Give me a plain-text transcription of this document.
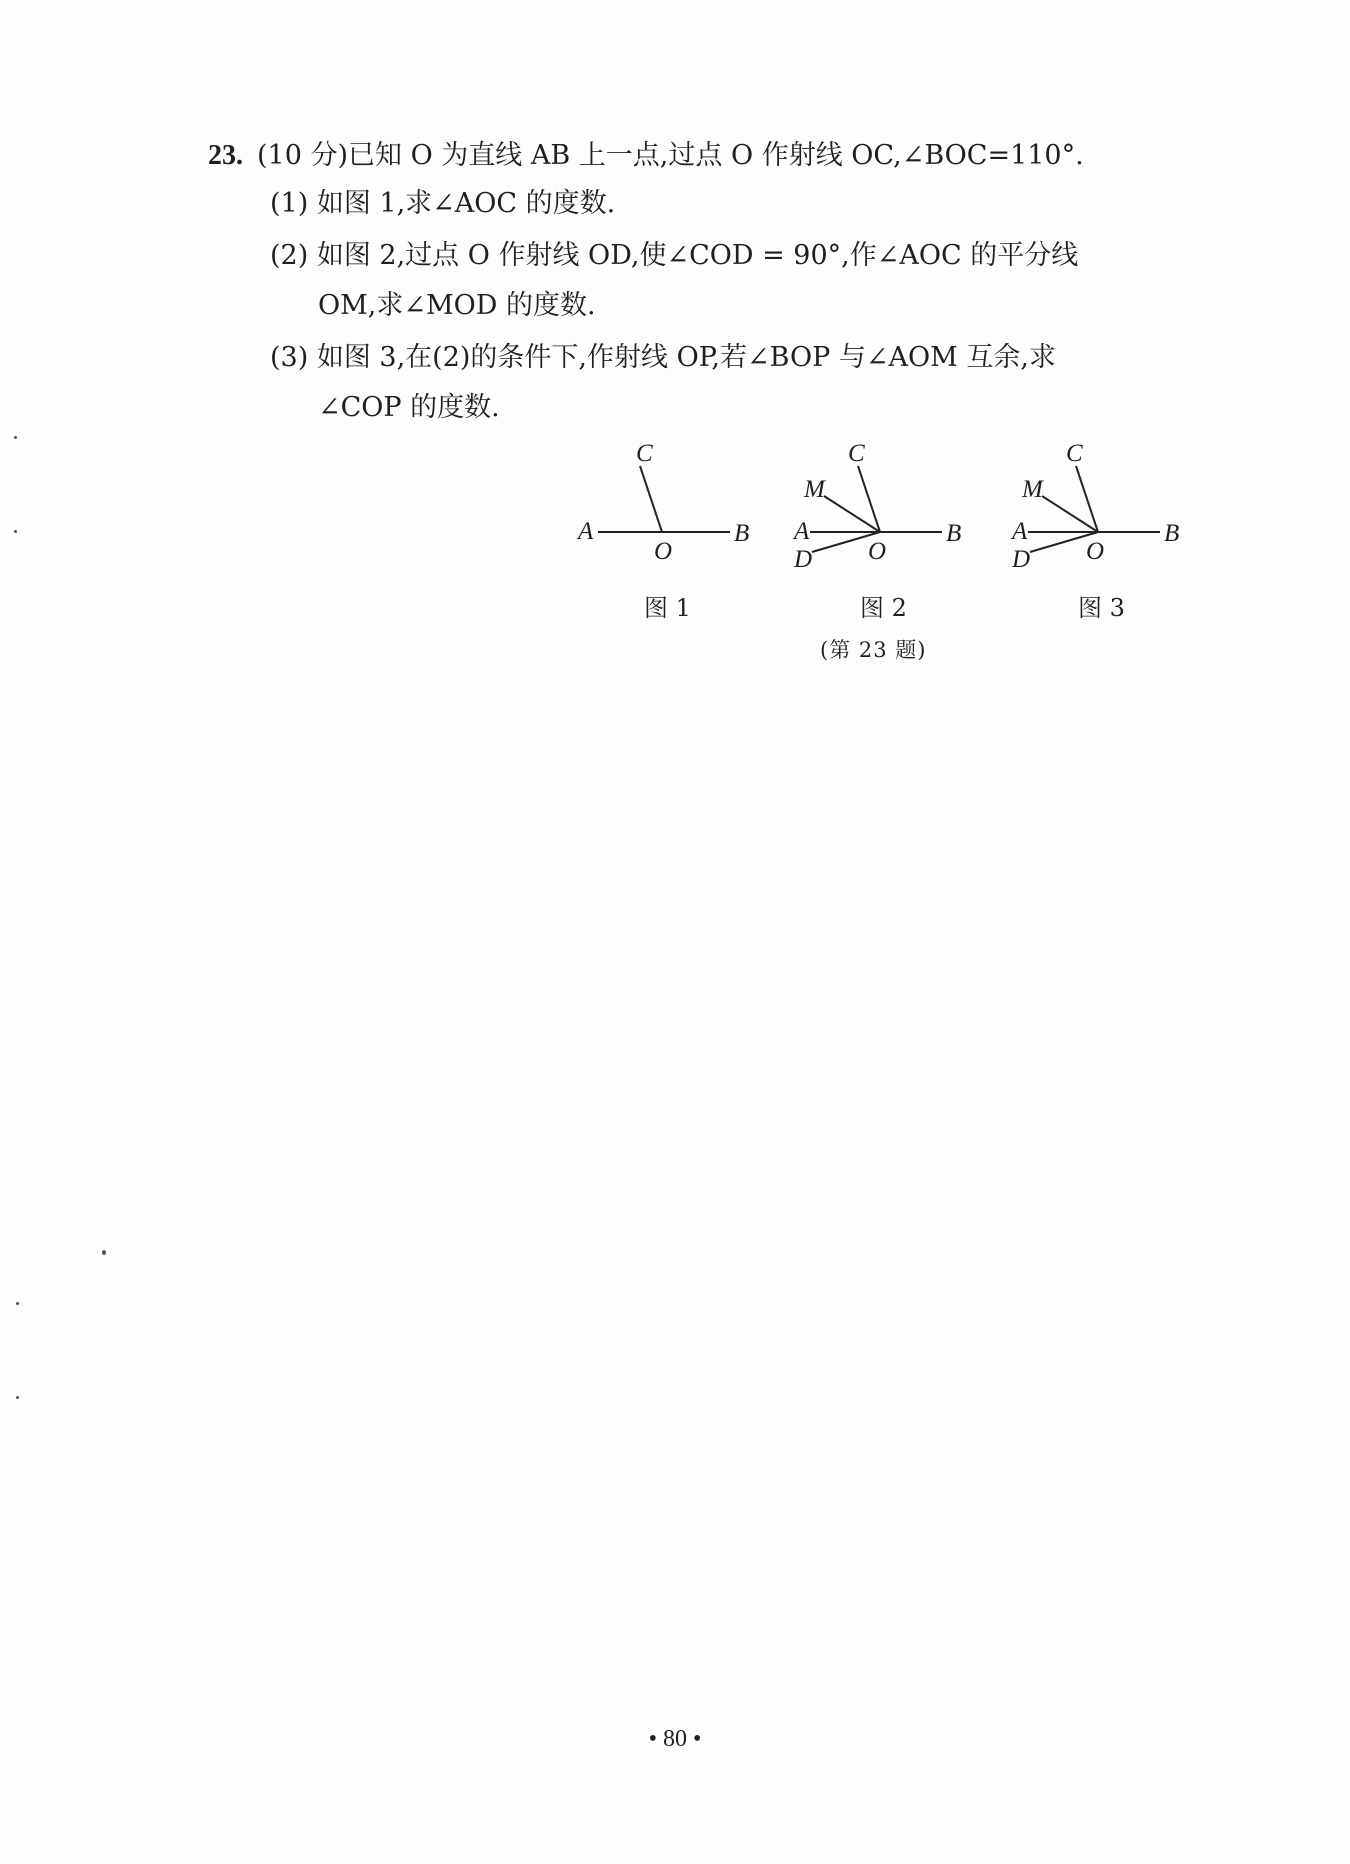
23. (10 分)已知 O 为直线 AB 上一点,过点 O 作射线 OC,∠BOC=110°.
(1) 如图 1,求∠AOC 的度数.
(2) 如图 2,过点 O 作射线 OD,使∠COD = 90°,作∠AOC 的平分线
OM,求∠MOD 的度数.
(3) 如图 3,在(2)的条件下,作射线 OP,若∠BOP 与∠AOM 互余,求
∠COP 的度数.
C
A	B
O
C
M
A	B
O
D
C
M
A	B
O
D
图 1	图 2	图 3
(第 23 题)
• 80 •
